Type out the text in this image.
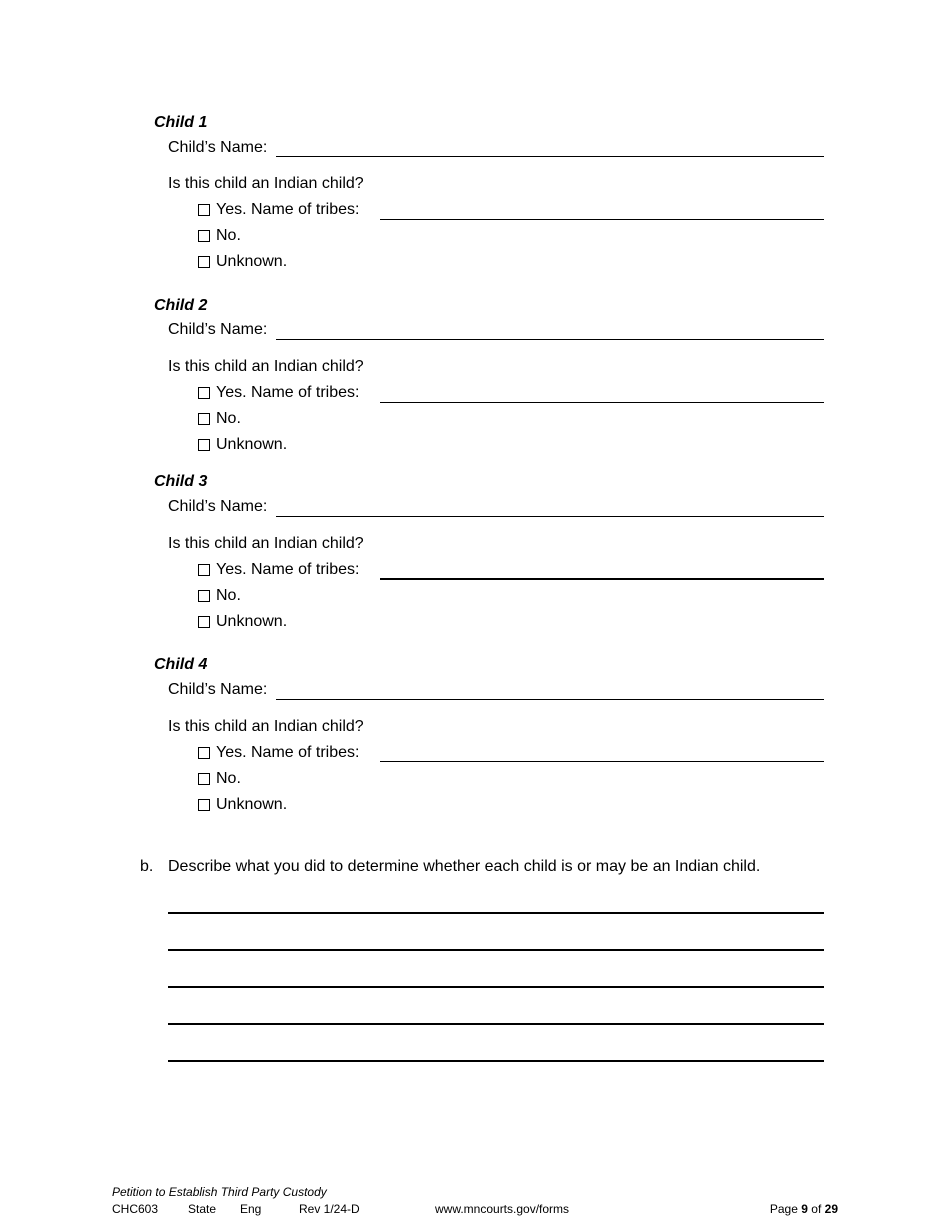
Child 1
Child’s Name:
Is this child an Indian child?
Yes. Name of tribes:
No.
Unknown.
Child 2
Child’s Name:
Is this child an Indian child?
Yes. Name of tribes:
No.
Unknown.
Child 3
Child’s Name:
Is this child an Indian child?
Yes. Name of tribes:
No.
Unknown.
Child 4
Child’s Name:
Is this child an Indian child?
Yes. Name of tribes:
No.
Unknown.
b. Describe what you did to determine whether each child is or may be an Indian child.
Petition to Establish Third Party Custody
CHC603 State Eng	Rev 1/24-D	www.mncourts.gov/forms	Page 9 of 29
